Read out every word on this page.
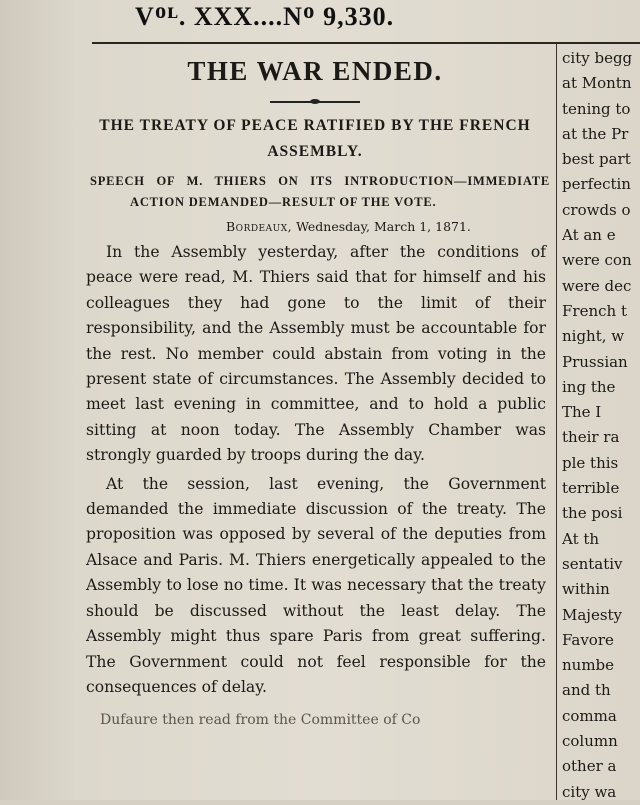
Vᴼᴸ. XXX....Nᴼ 9,330.
THE WAR ENDED.
THE TREATY OF PEACE RATIFIED BY THE FRENCH ASSEMBLY.
SPEECH OF M. THIERS ON ITS INTRODUCTION—IMMEDIATE ACTION DEMANDED—RESULT OF THE VOTE.
Bordeaux, Wednesday, March 1, 1871.

In the Assembly yesterday, after the conditions of peace were read, M. Thiers said that for himself and his colleagues they had gone to the limit of their responsibility, and the Assembly must be accountable for the rest. No member could abstain from voting in the present state of circumstances. The Assembly decided to meet last evening in committee, and to hold a public sitting at noon today. The Assembly Chamber was strongly guarded by troops during the day.

At the session, last evening, the Government demanded the immediate discussion of the treaty. The proposition was opposed by several of the deputies from Alsace and Paris. M. Thiers energetically appealed to the Assembly to lose no time. It was necessary that the treaty should be discussed without the least delay. The Assembly might thus spare Paris from great suffering. The Government could not feel responsible for the consequences of delay.

Dufaure then read from the Committee of Co
city begg
at Montn
tening to
at the Pr
best part
perfectin
crowds o
At an e
were con
were dec
French t
night, w
Prussian
ing the
The I
their ra
ple this
terrible
the posi
At th
sentativ
within
Majesty
Favore
numbe
and th
comma
column
other a
city wa
